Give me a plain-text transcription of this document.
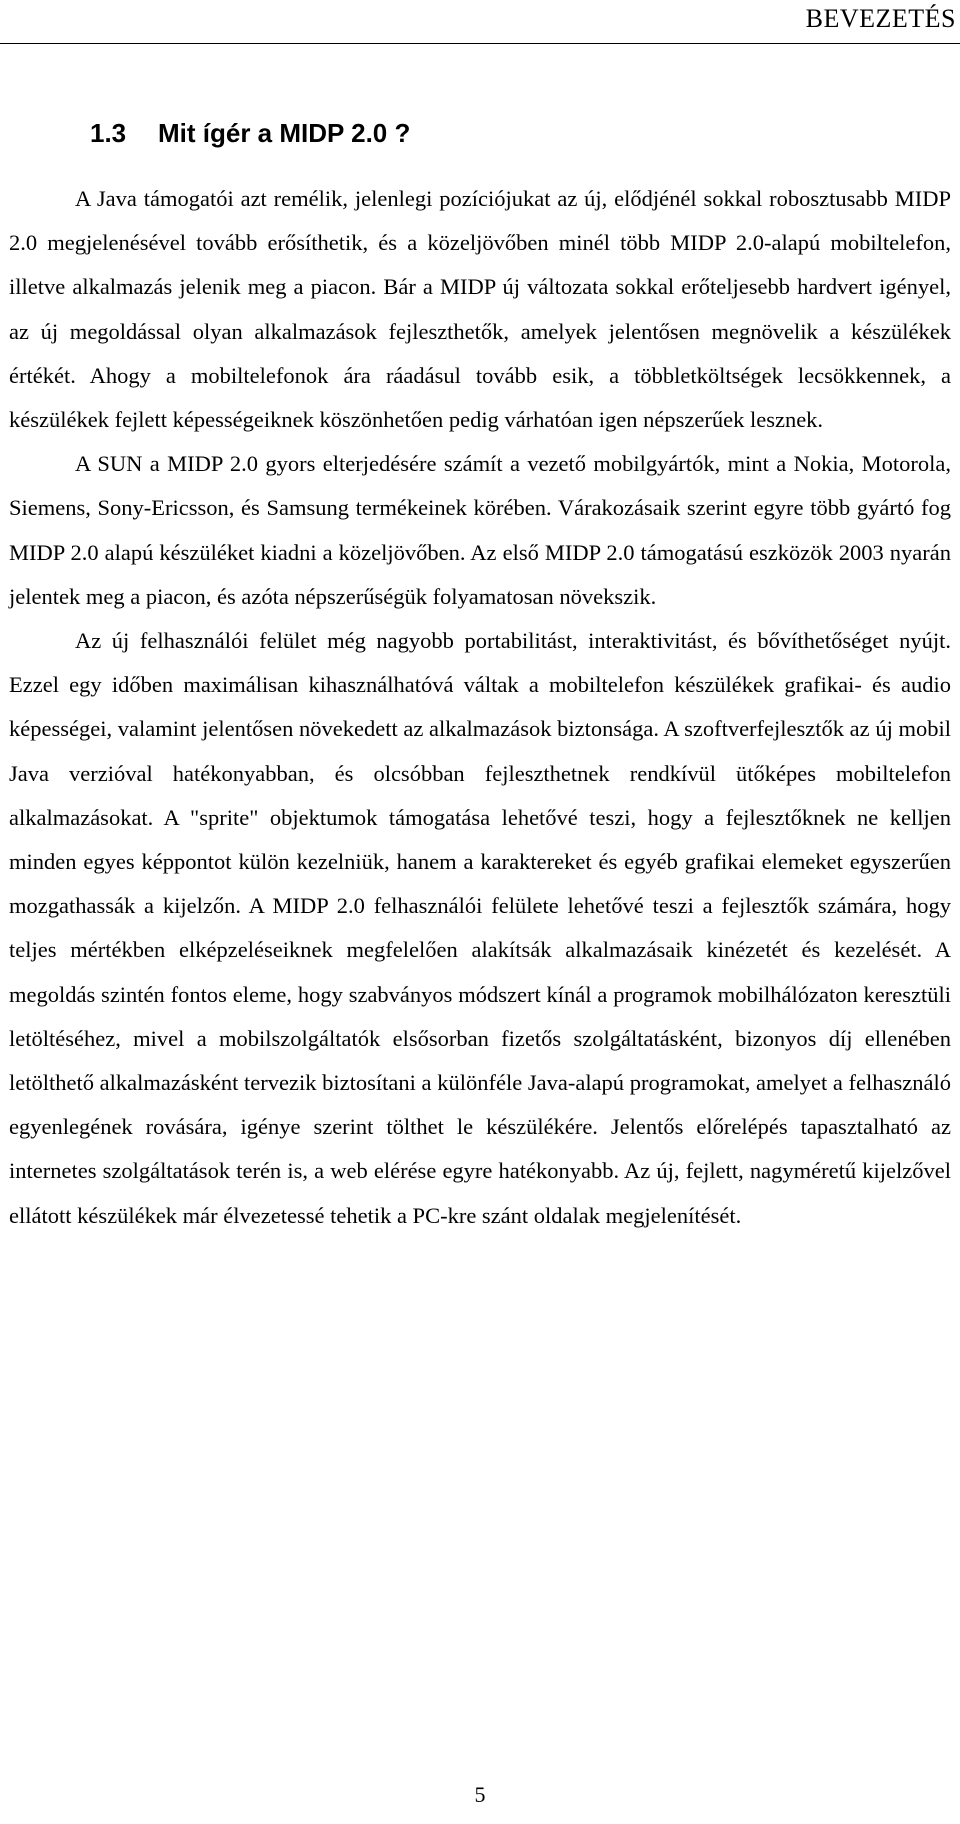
BEVEZETÉS
1.3 Mit ígér a MIDP 2.0 ?

A Java támogatói azt remélik, jelenlegi pozíciójukat az új, elődjénél sokkal robosztusabb MIDP 2.0 megjelenésével tovább erősíthetik, és a közeljövőben minél több MIDP 2.0-alapú mobiltelefon, illetve alkalmazás jelenik meg a piacon. Bár a MIDP új változata sokkal erőteljesebb hardvert igényel, az új megoldással olyan alkalmazások fejleszthetők, amelyek jelentősen megnövelik a készülékek értékét. Ahogy a mobiltelefonok ára ráadásul tovább esik, a többletköltségek lecsökkennek, a készülékek fejlett képességeiknek köszönhetően pedig várhatóan igen népszerűek lesznek.

A SUN a MIDP 2.0 gyors elterjedésére számít a vezető mobilgyártók, mint a Nokia, Motorola, Siemens, Sony-Ericsson, és Samsung termékeinek körében. Várakozásaik szerint egyre több gyártó fog MIDP 2.0 alapú készüléket kiadni a közeljövőben. Az első MIDP 2.0 támogatású eszközök 2003 nyarán jelentek meg a piacon, és azóta népszerűségük folyamatosan növekszik.

Az új felhasználói felület még nagyobb portabilitást, interaktivitást, és bővíthetőséget nyújt. Ezzel egy időben maximálisan kihasználhatóvá váltak a mobiltelefon készülékek grafikai- és audio képességei, valamint jelentősen növekedett az alkalmazások biztonsága. A szoftverfejlesztők az új mobil Java verzióval hatékonyabban, és olcsóbban fejleszthetnek rendkívül ütőképes mobiltelefon alkalmazásokat. A "sprite" objektumok támogatása lehetővé teszi, hogy a fejlesztőknek ne kelljen minden egyes képpontot külön kezelniük, hanem a karaktereket és egyéb grafikai elemeket egyszerűen mozgathassák a kijelzőn. A MIDP 2.0 felhasználói felülete lehetővé teszi a fejlesztők számára, hogy teljes mértékben elképzeléseiknek megfelelően alakítsák alkalmazásaik kinézetét és kezelését. A megoldás szintén fontos eleme, hogy szabványos módszert kínál a programok mobilhálózaton keresztüli letöltéséhez, mivel a mobilszolgáltatók elsősorban fizetős szolgáltatásként, bizonyos díj ellenében letölthető alkalmazásként tervezik biztosítani a különféle Java-alapú programokat, amelyet a felhasználó egyenlegének rovására, igénye szerint tölthet le készülékére. Jelentős előrelépés tapasztalható az internetes szolgáltatások terén is, a web elérése egyre hatékonyabb. Az új, fejlett, nagyméretű kijelzővel ellátott készülékek már élvezetessé tehetik a PC-kre szánt oldalak megjelenítését.

5
